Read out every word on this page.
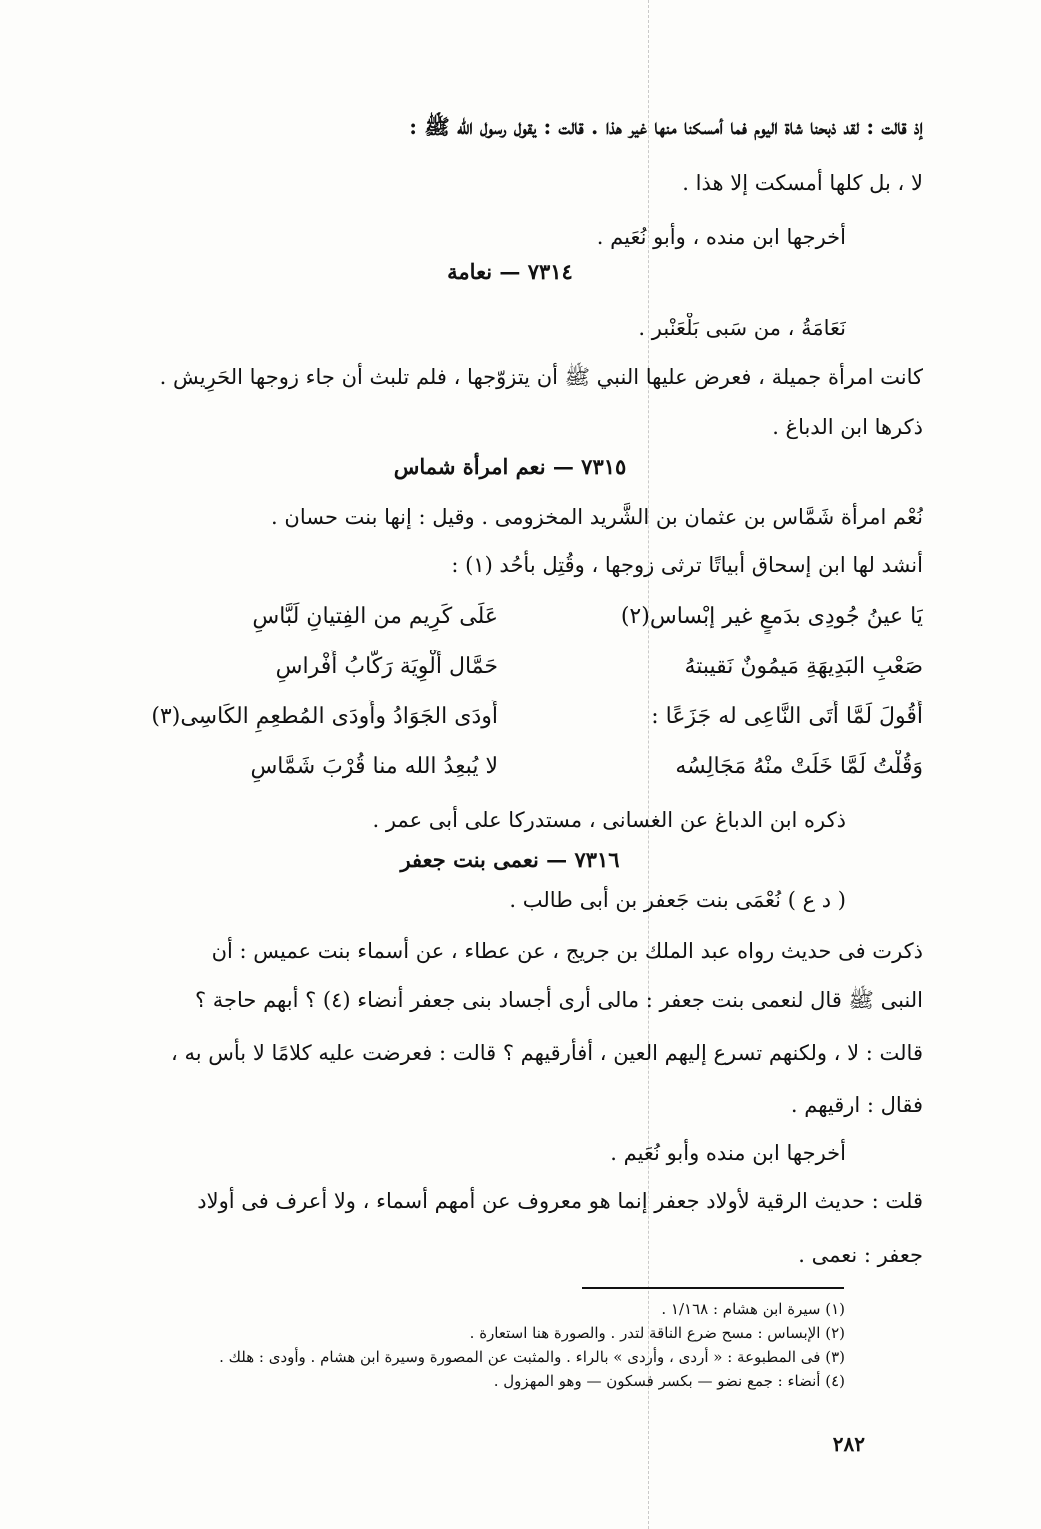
إذ قالت : لقد ذبحنا شاة اليوم فما أمسكنا منها غير هذا . قالت : يقول رسول الله ﷺ :
لا ، بل كلها أمسكت إلا هذا .
أخرجها ابن منده ، وأبو نُعَيم .
٧٣١٤ — نعامة
نَعَامَةُ ، من سَبى بَلْعَنْبر .
كانت امرأة جميلة ، فعرض عليها النبي ﷺ أن يتزوّجها ، فلم تلبث أن جاء زوجها الحَرِيش .
ذكرها ابن الدباغ .
٧٣١٥ — نعم امرأة شماس
نُعْم امرأة شَمَّاس بن عثمان بن الشَّريد المخزومى . وقيل : إنها بنت حسان .
أنشد لها ابن إسحاق أبياتًا ترثى زوجها ، وقُتِل بأُحُد (١) :
يَا عينُ جُودِى بدَمعٍ غير إبْساس(٢)
عَلَى كَرِيم من الفِتيانِ لَبَّاسِ
صَعْبِ البَدِيهَةِ مَيمُونٌ نَقيبتهُ
حَمَّال أَلْوِيَة رَكَّابُ أَفْراسِ
أَقُولَ لَمَّا أَتَى النَّاعِى له جَزَعًا :
أَودَى الجَوَادُ وأَودَى المُطعِمِ الكَاسِى(٣)
وَقُلْتُ لَمَّا خَلَتْ منْهُ مَجَالِسُه
لا يُبعِدُ الله منا قُرْبَ شَمَّاسِ
ذكره ابن الدباغ عن الغسانى ، مستدركا على أبى عمر .
٧٣١٦ — نعمى بنت جعفر
( د ع ) نُعْمَى بنت جَعفر بن أبى طالب .
ذكرت فى حديث رواه عبد الملك بن جريج ، عن عطاء ، عن أسماء بنت عميس : أن
النبى ﷺ قال لنعمى بنت جعفر : مالى أرى أجساد بنى جعفر أنضاء (٤) ؟ أبهم حاجة ؟
قالت : لا ، ولكنهم تسرع إليهم العين ، أفأرقيهم ؟ قالت : فعرضت عليه كلامًا لا بأس به ،
فقال : ارقيهم .
أخرجها ابن منده وأبو نُعَيم .
قلت : حديث الرقية لأولاد جعفر إنما هو معروف عن أمهم أسماء ، ولا أعرف فى أولاد
جعفر : نعمى .
(١) سيرة ابن هشام : ١/١٦٨ .
(٢) الإبساس : مسح ضرع الناقة لتدر . والصورة هنا استعارة .
(٣) فى المطبوعة : « أردى ، وأردى » بالراء . والمثبت عن المصورة وسيرة ابن هشام . وأودى : هلك .
(٤) أنضاء : جمع نضو — بكسر فسكون — وهو المهزول .
٢٨٢
